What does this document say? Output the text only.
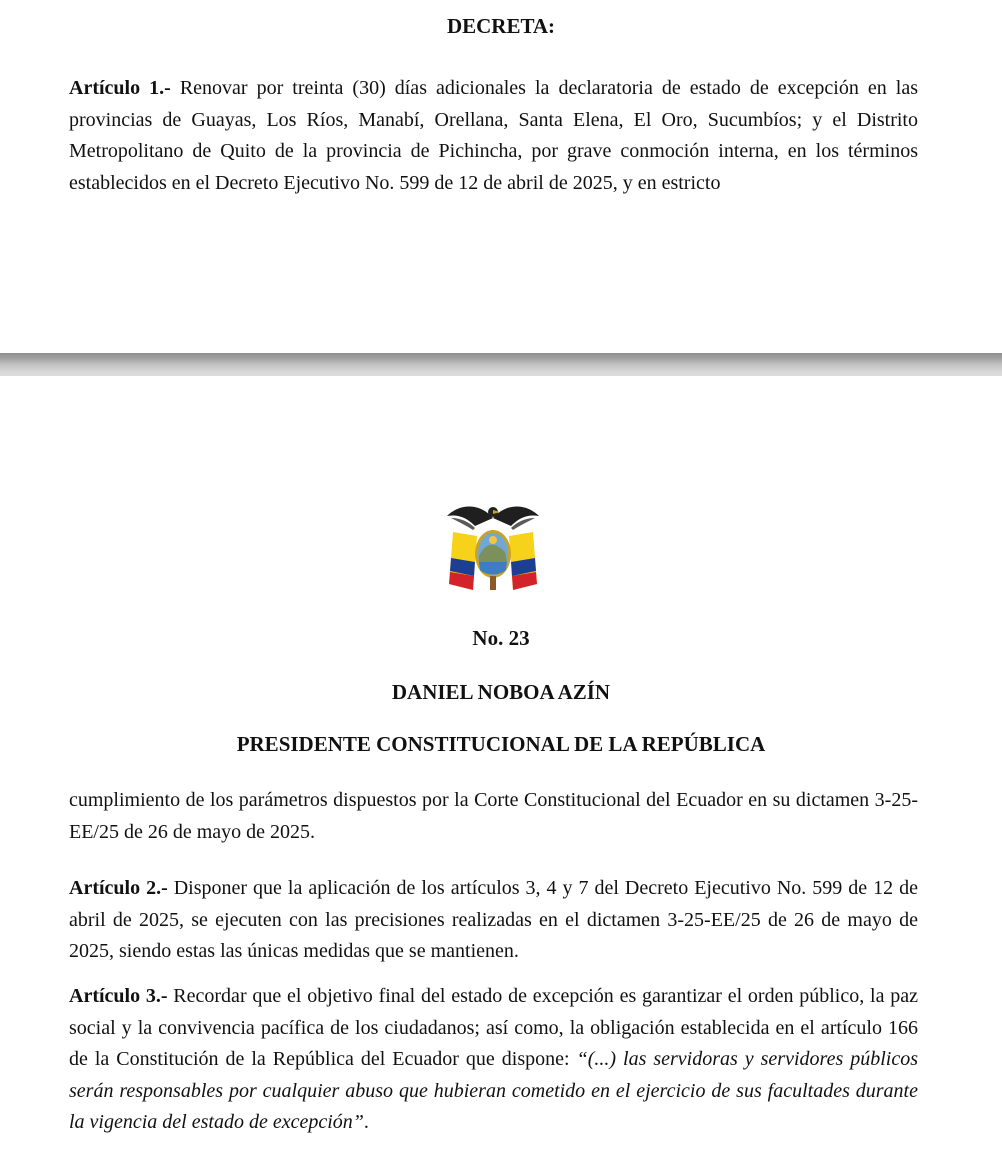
DECRETA:

Artículo 1.- Renovar por treinta (30) días adicionales la declaratoria de estado de excepción en las provincias de Guayas, Los Ríos, Manabí, Orellana, Santa Elena, El Oro, Sucumbíos; y el Distrito Metropolitano de Quito de la provincia de Pichincha, por grave conmoción interna, en los términos establecidos en el Decreto Ejecutivo No. 599 de 12 de abril de 2025, y en estricto

No. 23
DANIEL NOBOA AZÍN
PRESIDENTE CONSTITUCIONAL DE LA REPÚBLICA

cumplimiento de los parámetros dispuestos por la Corte Constitucional del Ecuador en su dictamen 3-25-EE/25 de 26 de mayo de 2025.

Artículo 2.- Disponer que la aplicación de los artículos 3, 4 y 7 del Decreto Ejecutivo No. 599 de 12 de abril de 2025, se ejecuten con las precisiones realizadas en el dictamen 3-25-EE/25 de 26 de mayo de 2025, siendo estas las únicas medidas que se mantienen.

Artículo 3.- Recordar que el objetivo final del estado de excepción es garantizar el orden público, la paz social y la convivencia pacífica de los ciudadanos; así como, la obligación establecida en el artículo 166 de la Constitución de la República del Ecuador que dispone: “(...) las servidoras y servidores públicos serán responsables por cualquier abuso que hubieran cometido en el ejercicio de sus facultades durante la vigencia del estado de excepción”.
